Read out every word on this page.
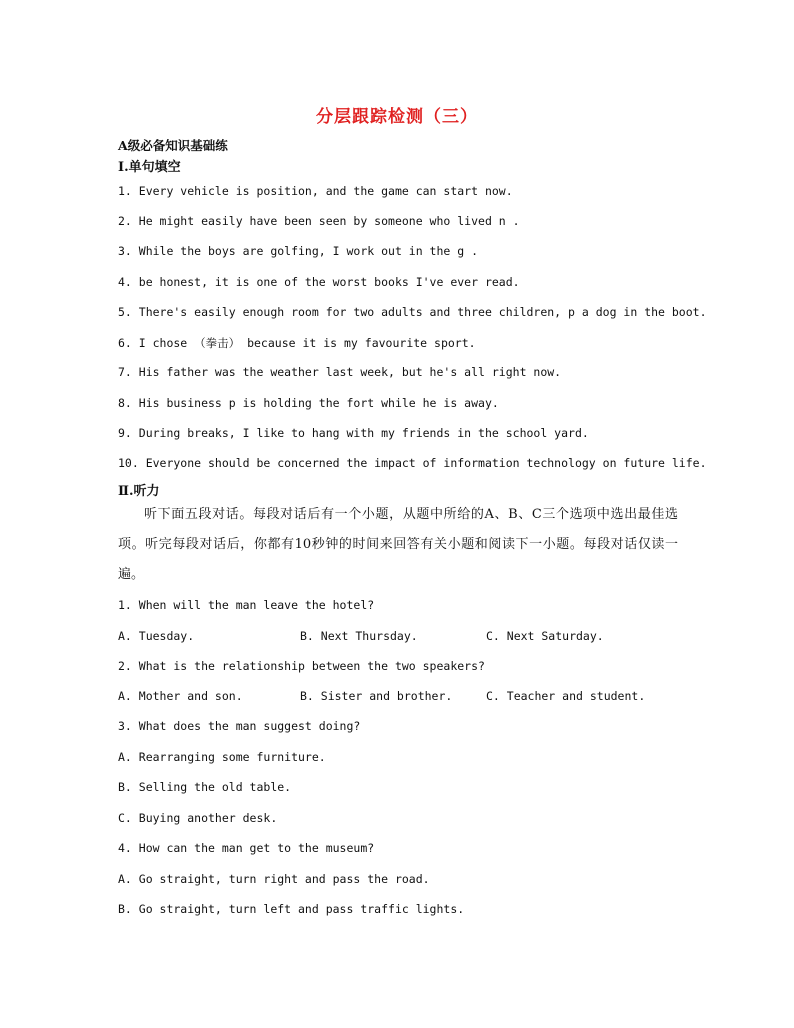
分层跟踪检测（三）
A级必备知识基础练
Ⅰ.单句填空
1. Every vehicle is position, and the game can start now.
2. He might easily have been seen by someone who lived n .
3. While the boys are golfing, I work out in the g .
4. be honest, it is one of the worst books I've ever read.
5. There's easily enough room for two adults and three children, p a dog in the boot.
6. I chose （拳击） because it is my favourite sport.
7. His father was the weather last week, but he's all right now.
8. His business p is holding the fort while he is away.
9. During breaks, I like to hang with my friends in the school yard.
10. Everyone should be concerned the impact of information technology on future life.
Ⅱ.听力
听下面五段对话。每段对话后有一个小题，从题中所给的A、B、C三个选项中选出最佳选项。听完每段对话后，你都有10秒钟的时间来回答有关小题和阅读下一小题。每段对话仅读一遍。
1. When will the man leave the hotel?
A. Tuesday.	B. Next Thursday.	C. Next Saturday.
2. What is the relationship between the two speakers?
A. Mother and son.	B. Sister and brother.	C. Teacher and student.
3. What does the man suggest doing?
A. Rearranging some furniture.
B. Selling the old table.
C. Buying another desk.
4. How can the man get to the museum?
A. Go straight, turn right and pass the road.
B. Go straight, turn left and pass traffic lights.
